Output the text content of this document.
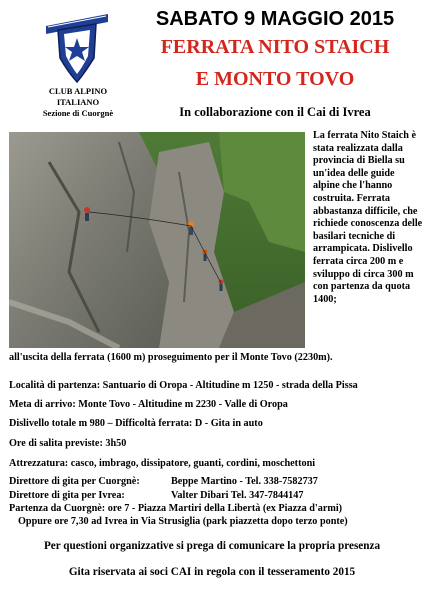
CLUB ALPINO ITALIANO
Sezione di Cuorgnè
SABATO 9 MAGGIO 2015
FERRATA NITO STAICH
E MONTO TOVO
In collaborazione con il Cai di Ivrea
La ferrata Nito Staich è stata realizzata dalla provincia di Biella su un'idea delle guide alpine che l'hanno costruita. Ferrata abbastanza difficile, che richiede conoscenza delle basilari tecniche di arrampicata. Dislivello ferrata circa 200 m e sviluppo di circa 300 m con partenza da quota 1400;
all'uscita della ferrata (1600 m) proseguimento per il Monte Tovo (2230m).
Località di partenza: Santuario di Oropa - Altitudine m 1250 - strada della Pissa
Meta di arrivo: Monte Tovo - Altitudine m 2230 - Valle di Oropa
Dislivello totale m 980 – Difficoltà ferrata: D - Gita in auto
Ore di salita previste: 3h50
Attrezzatura: casco, imbrago, dissipatore, guanti, cordini, moschettoni
Direttore di gita per Cuorgnè:	Beppe Martino - Tel. 338-7582737
Direttore di gita per Ivrea:	Valter Dibari Tel. 347-7844147
Partenza da Cuorgnè: ore 7 - Piazza Martiri della Libertà (ex Piazza d'armi)
Oppure ore 7,30 ad Ivrea in Via Strusiglia (park piazzetta dopo terzo ponte)
Per questioni organizzative si prega di comunicare la propria presenza
Gita riservata ai soci CAI in regola con il tesseramento 2015
